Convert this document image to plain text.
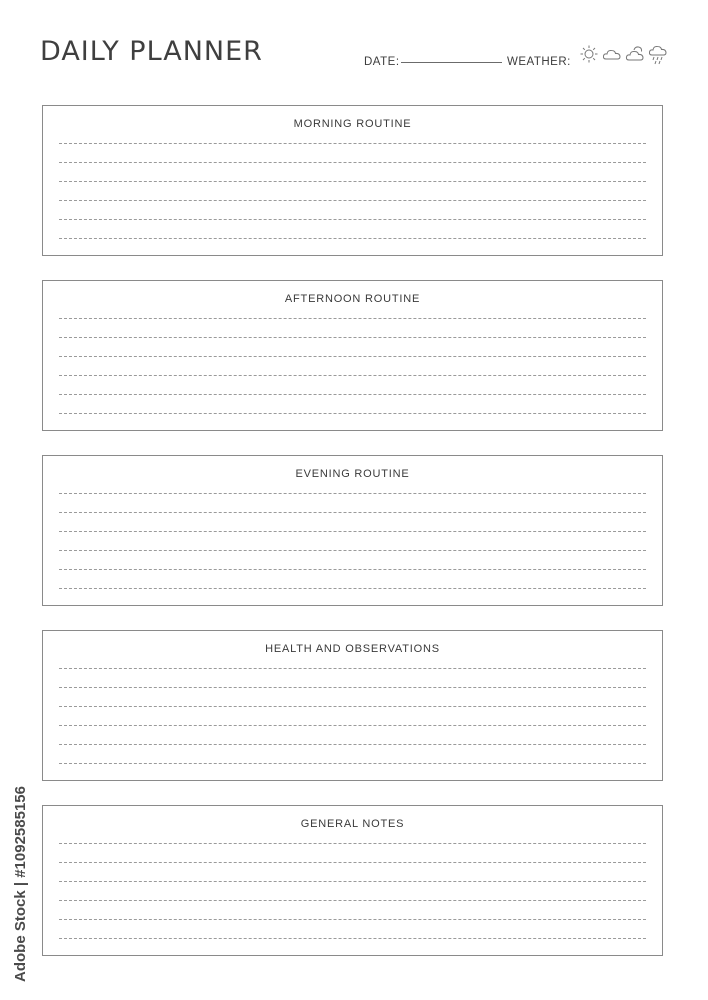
DAILY PLANNER	DATE:	WEATHER:
MORNING ROUTINE
AFTERNOON ROUTINE
EVENING ROUTINE
HEALTH AND OBSERVATIONS
GENERAL NOTES
Adobe Stock | #1092585156
